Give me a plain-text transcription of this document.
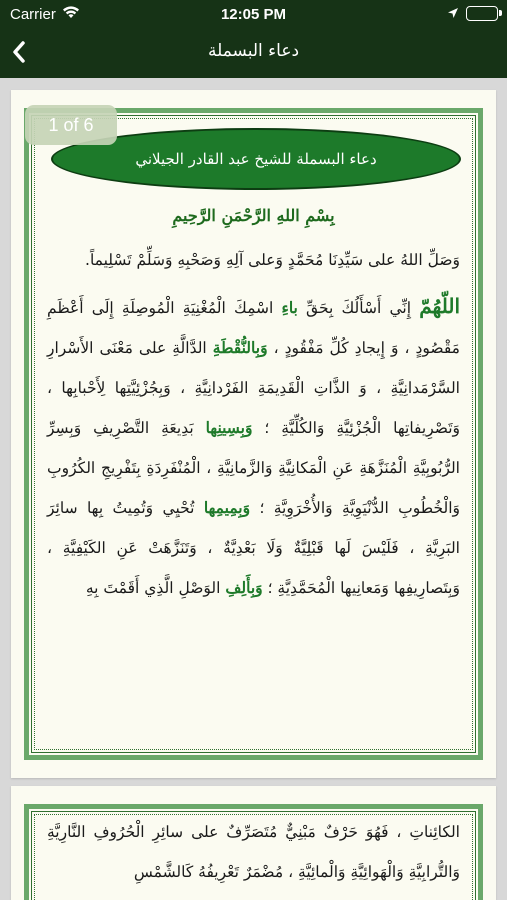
Carrier	12:05 PM
دعاء البسملة
1 of 6
دعاء البسملة للشيخ عبد القادر الجيلاني
بِسْمِ اللهِ الرَّحْمَنِ الرَّحِيمِ

وَصَلِّ اللهُ على سَيِّدِنَا مُحَمَّدٍ وَعلى آلِهِ وَصَحْبِهِ وَسَلِّمْ تَسْلِيماً.

اللّهُمّ إِنِّي أَسْأَلُكَ بِحَقِّ باءِ اسْمِكَ الْمُغْنِيَةِ الْمُوصِلَةِ إِلَى أَعْظَمِ مَقْصُودٍ ، وَ إِيجادِ كُلِّ مَفْقُودٍ ، وَبِالنُّقْطَةِ الدَّالَّةِ على مَعْنَى الأَسْرارِ السَّرْمَدانِيَّةِ ، وَ الذَّاتِ الْقَدِيمَةِ الفَرْدانِيَّةِ ، وَبِجُزْئِيَّتِها لِأَحْبابِها ، وَتَصْرِيفاتِها الْجُزْئِيَّةِ وَالكُلِّيَّةِ ؛ وَبِسِينِها بَدِيعَةِ التَّصْرِيفِ وَبِسِرِّ الرُّبُوبِيَّةِ الْمُنَزَّهَةِ عَنِ الْمَكانِيَّةِ وَالزَّمانِيَّةِ ، الْمُنْفَرِدَةِ بِتَفْرِيجِ الكُرُوبِ وَالْخُطُوبِ الدُّنْيَوِيَّةِ وَالأُخْرَوِيَّةِ ؛ وَبِمِيمِها تُحْيِي وَتُمِيتُ بِها سائِرَ البَرِيَّةِ ، فَلَيْسَ لَها قَبْلِيَّةٌ وَلَا بَعْدِيَّةٌ ، وَتَنَزَّهَتْ عَنِ الكَيْفِيَّةِ ، وَبِتَصارِيفِها وَمَعانِيها الْمُحَمَّدِيَّةِ ؛ وَبِأَلِفِ الوَصْلِ الَّذِي أَقَمْتَ بِهِ

الكائِناتِ ، فَهُوَ حَرْفٌ مَبْنِيٌّ مُتَصَرِّفٌ على سائِرِ الْحُرُوفِ النَّارِيَّةِ وَالتُّرابِيَّةِ وَالْهَوائِيَّةِ وَالْمائِيَّةِ ، مُضْمَرٌ تَعْرِيفُهُ كَالشَّمْسِ
